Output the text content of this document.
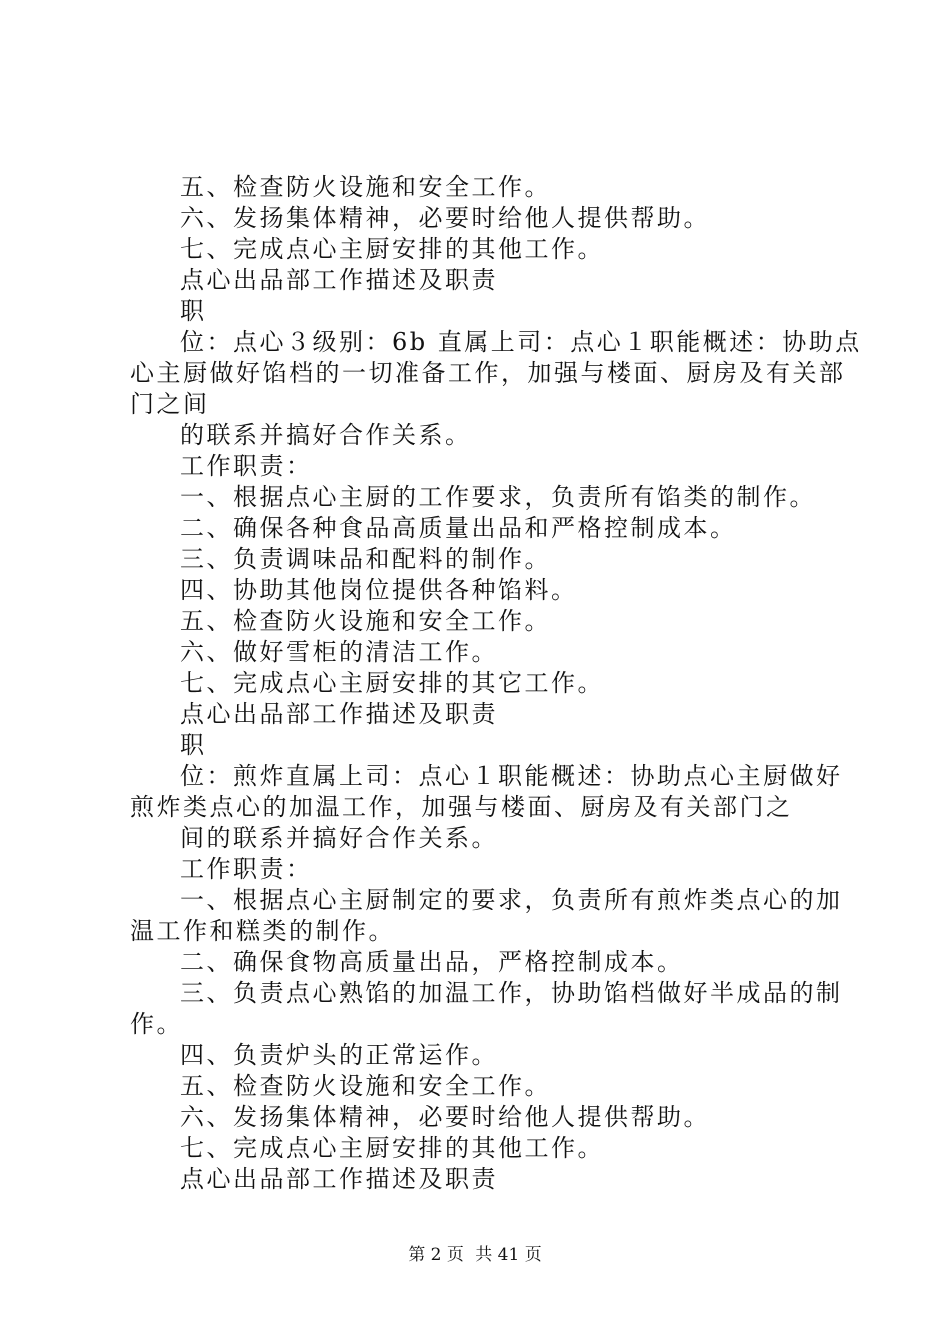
五、检查防火设施和安全工作。
六、发扬集体精神，必要时给他人提供帮助。
七、完成点心主厨安排的其他工作。
点心出品部工作描述及职责
职
位：点心３级别：6b 直属上司：点心１职能概述：协助点
心主厨做好馅档的一切准备工作，加强与楼面、厨房及有关部
门之间
的联系并搞好合作关系。
工作职责：
一、根据点心主厨的工作要求，负责所有馅类的制作。
二、确保各种食品高质量出品和严格控制成本。
三、负责调味品和配料的制作。
四、协助其他岗位提供各种馅料。
五、检查防火设施和安全工作。
六、做好雪柜的清洁工作。
七、完成点心主厨安排的其它工作。
点心出品部工作描述及职责
职
位：煎炸直属上司：点心１职能概述：协助点心主厨做好
煎炸类点心的加温工作，加强与楼面、厨房及有关部门之
间的联系并搞好合作关系。
工作职责：
一、根据点心主厨制定的要求，负责所有煎炸类点心的加
温工作和糕类的制作。
二、确保食物高质量出品，严格控制成本。
三、负责点心熟馅的加温工作，协助馅档做好半成品的制
作。
四、负责炉头的正常运作。
五、检查防火设施和安全工作。
六、发扬集体精神，必要时给他人提供帮助。
七、完成点心主厨安排的其他工作。
点心出品部工作描述及职责
第 2 页 共 41 页
